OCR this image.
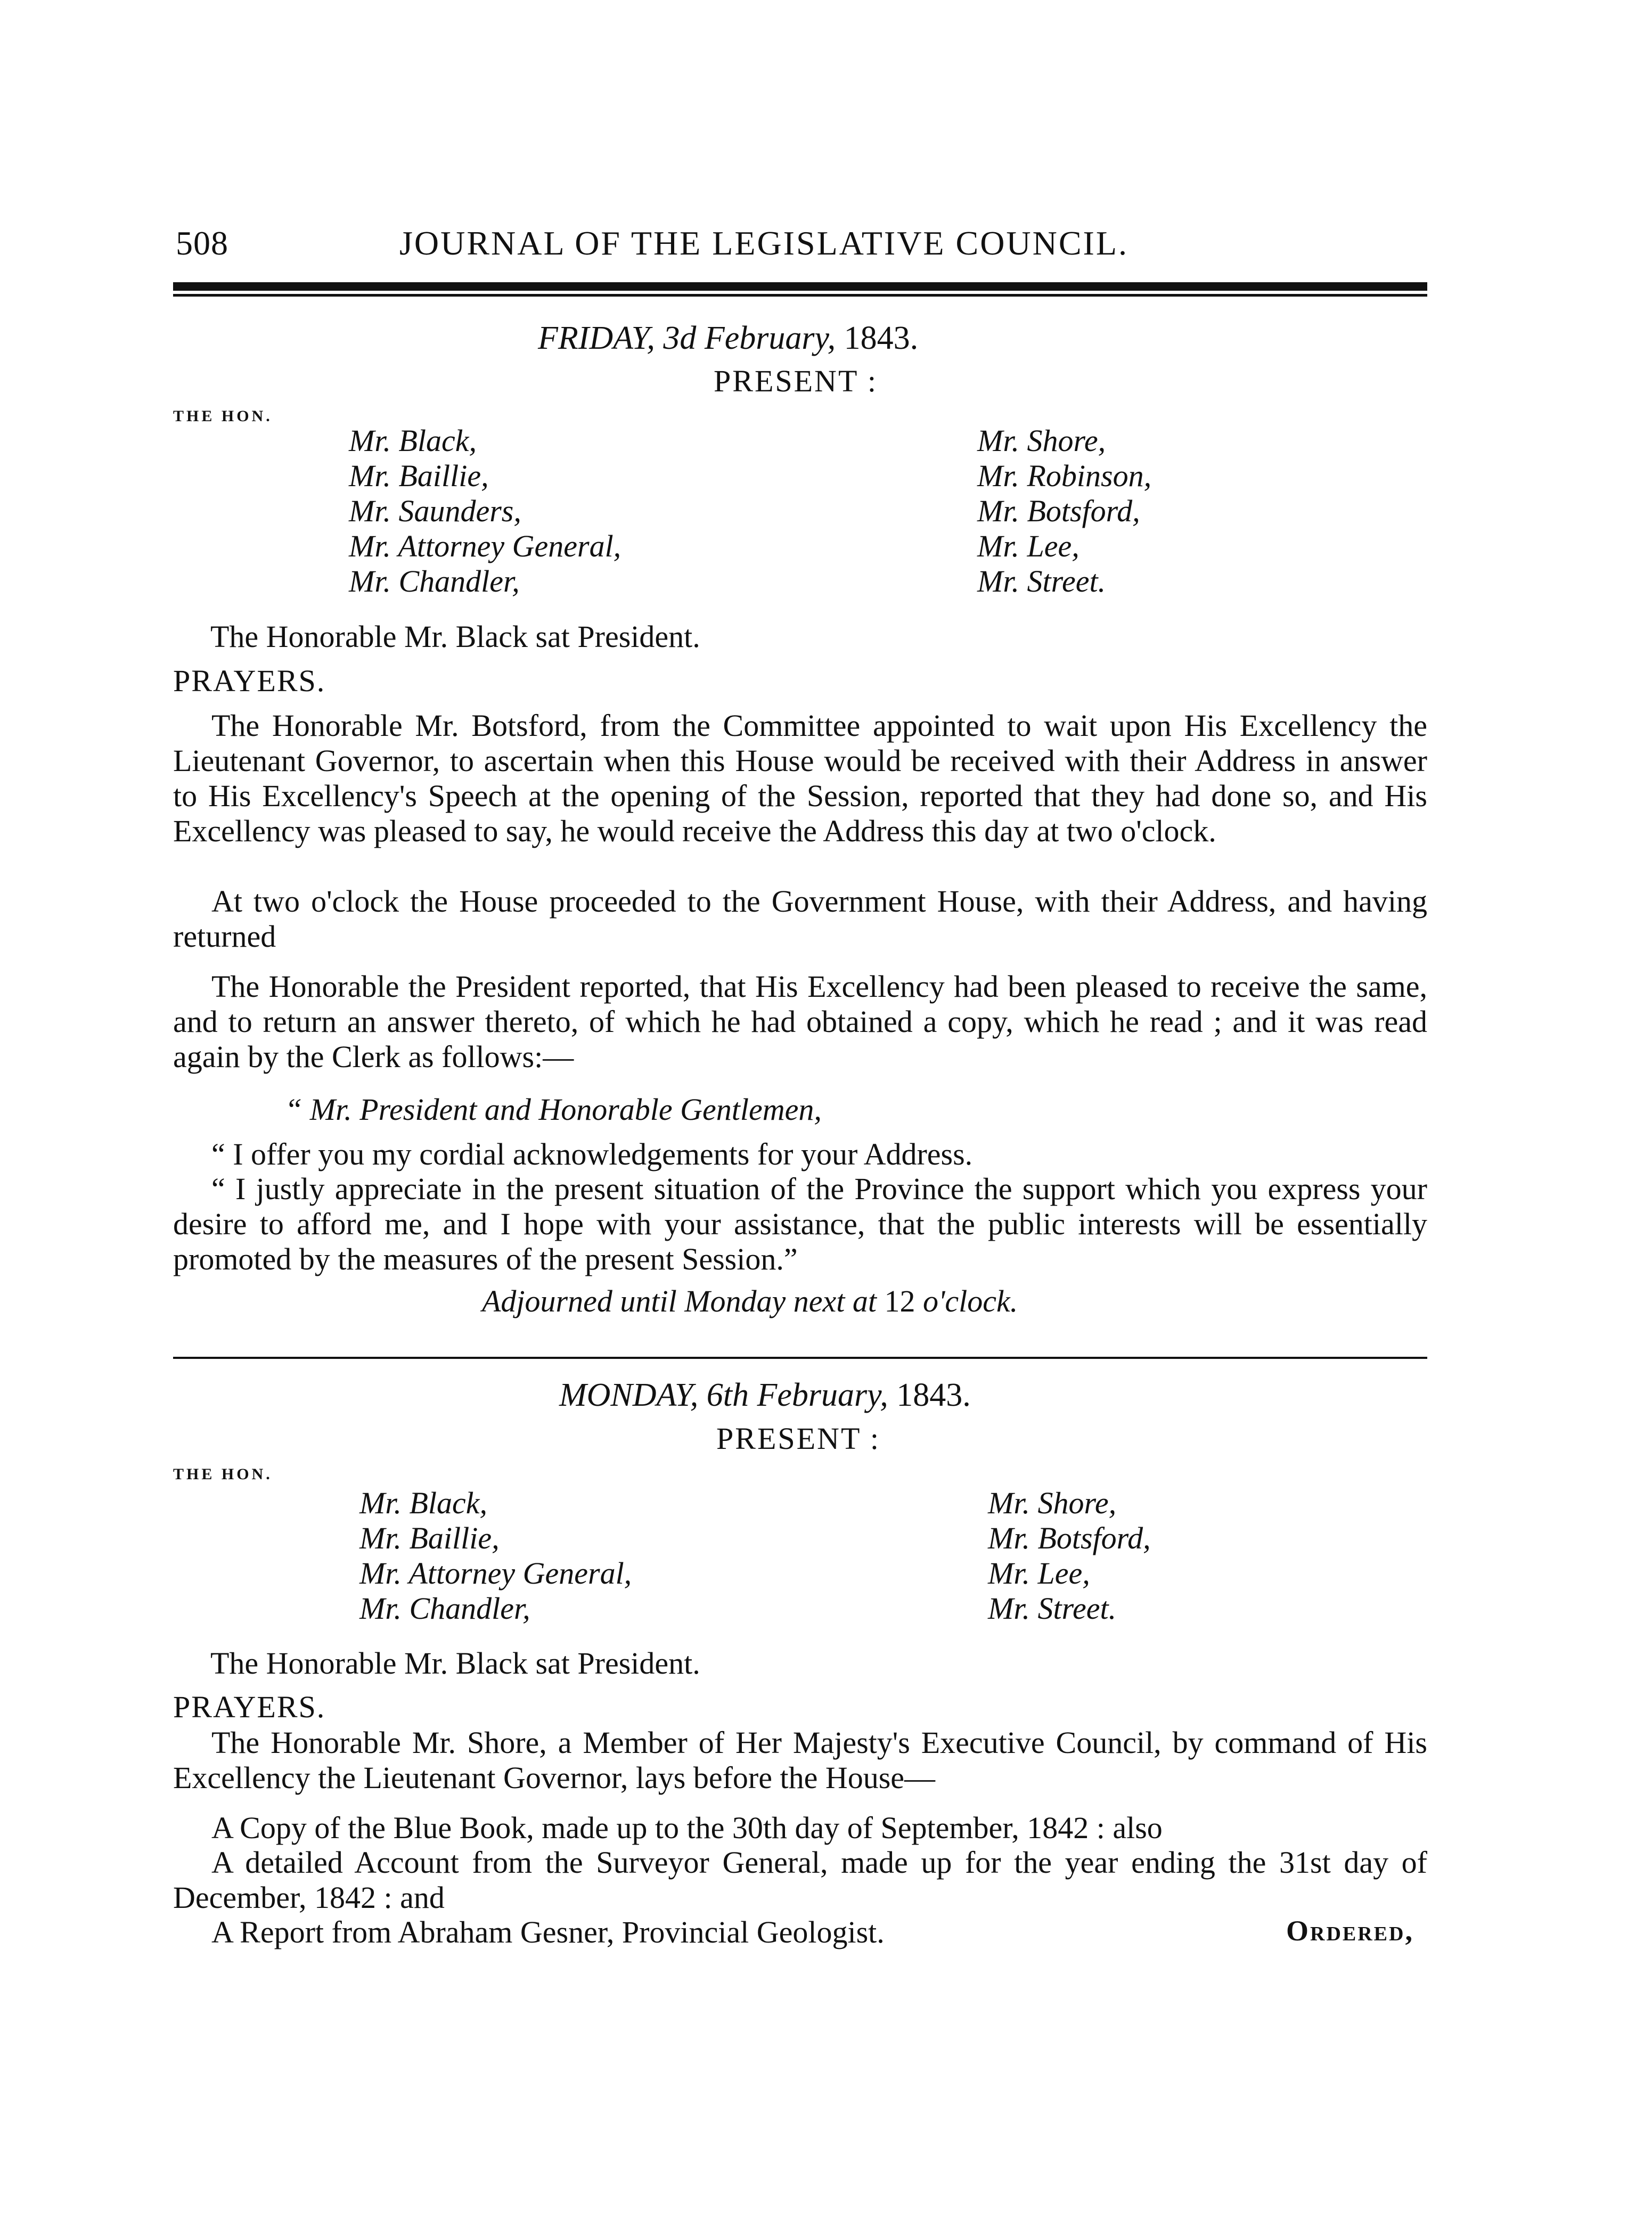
508	JOURNAL OF THE LEGISLATIVE COUNCIL.
FRIDAY, 3d February, 1843.
PRESENT :
THE HON.
Mr. Black,
Mr. Baillie,
Mr. Saunders,
Mr. Attorney General,
Mr. Chandler,
Mr. Shore,
Mr. Robinson,
Mr. Botsford,
Mr. Lee,
Mr. Street.
The Honorable Mr. Black sat President.
PRAYERS.
The Honorable Mr. Botsford, from the Committee appointed to wait upon His Excellency the Lieutenant Governor, to ascertain when this House would be received with their Address in answer to His Excellency's Speech at the opening of the Session, reported that they had done so, and His Excellency was pleased to say, he would receive the Address this day at two o'clock.
At two o'clock the House proceeded to the Government House, with their Address, and having returned
The Honorable the President reported, that His Excellency had been pleased to receive the same, and to return an answer thereto, of which he had obtained a copy, which he read ; and it was read again by the Clerk as follows:—
“ Mr. President and Honorable Gentlemen,
“ I offer you my cordial acknowledgements for your Address.
“ I justly appreciate in the present situation of the Province the support which you express your desire to afford me, and I hope with your assistance, that the public interests will be essentially promoted by the measures of the present Session.”
Adjourned until Monday next at 12 o'clock.
MONDAY, 6th February, 1843.
PRESENT :
THE HON.
Mr. Black,
Mr. Baillie,
Mr. Attorney General,
Mr. Chandler,
Mr. Shore,
Mr. Botsford,
Mr. Lee,
Mr. Street.
The Honorable Mr. Black sat President.
PRAYERS.
The Honorable Mr. Shore, a Member of Her Majesty's Executive Council, by command of His Excellency the Lieutenant Governor, lays before the House—
A Copy of the Blue Book, made up to the 30th day of September, 1842 : also
A detailed Account from the Surveyor General, made up for the year ending the 31st day of December, 1842 : and
A Report from Abraham Gesner, Provincial Geologist.	Ordered,
